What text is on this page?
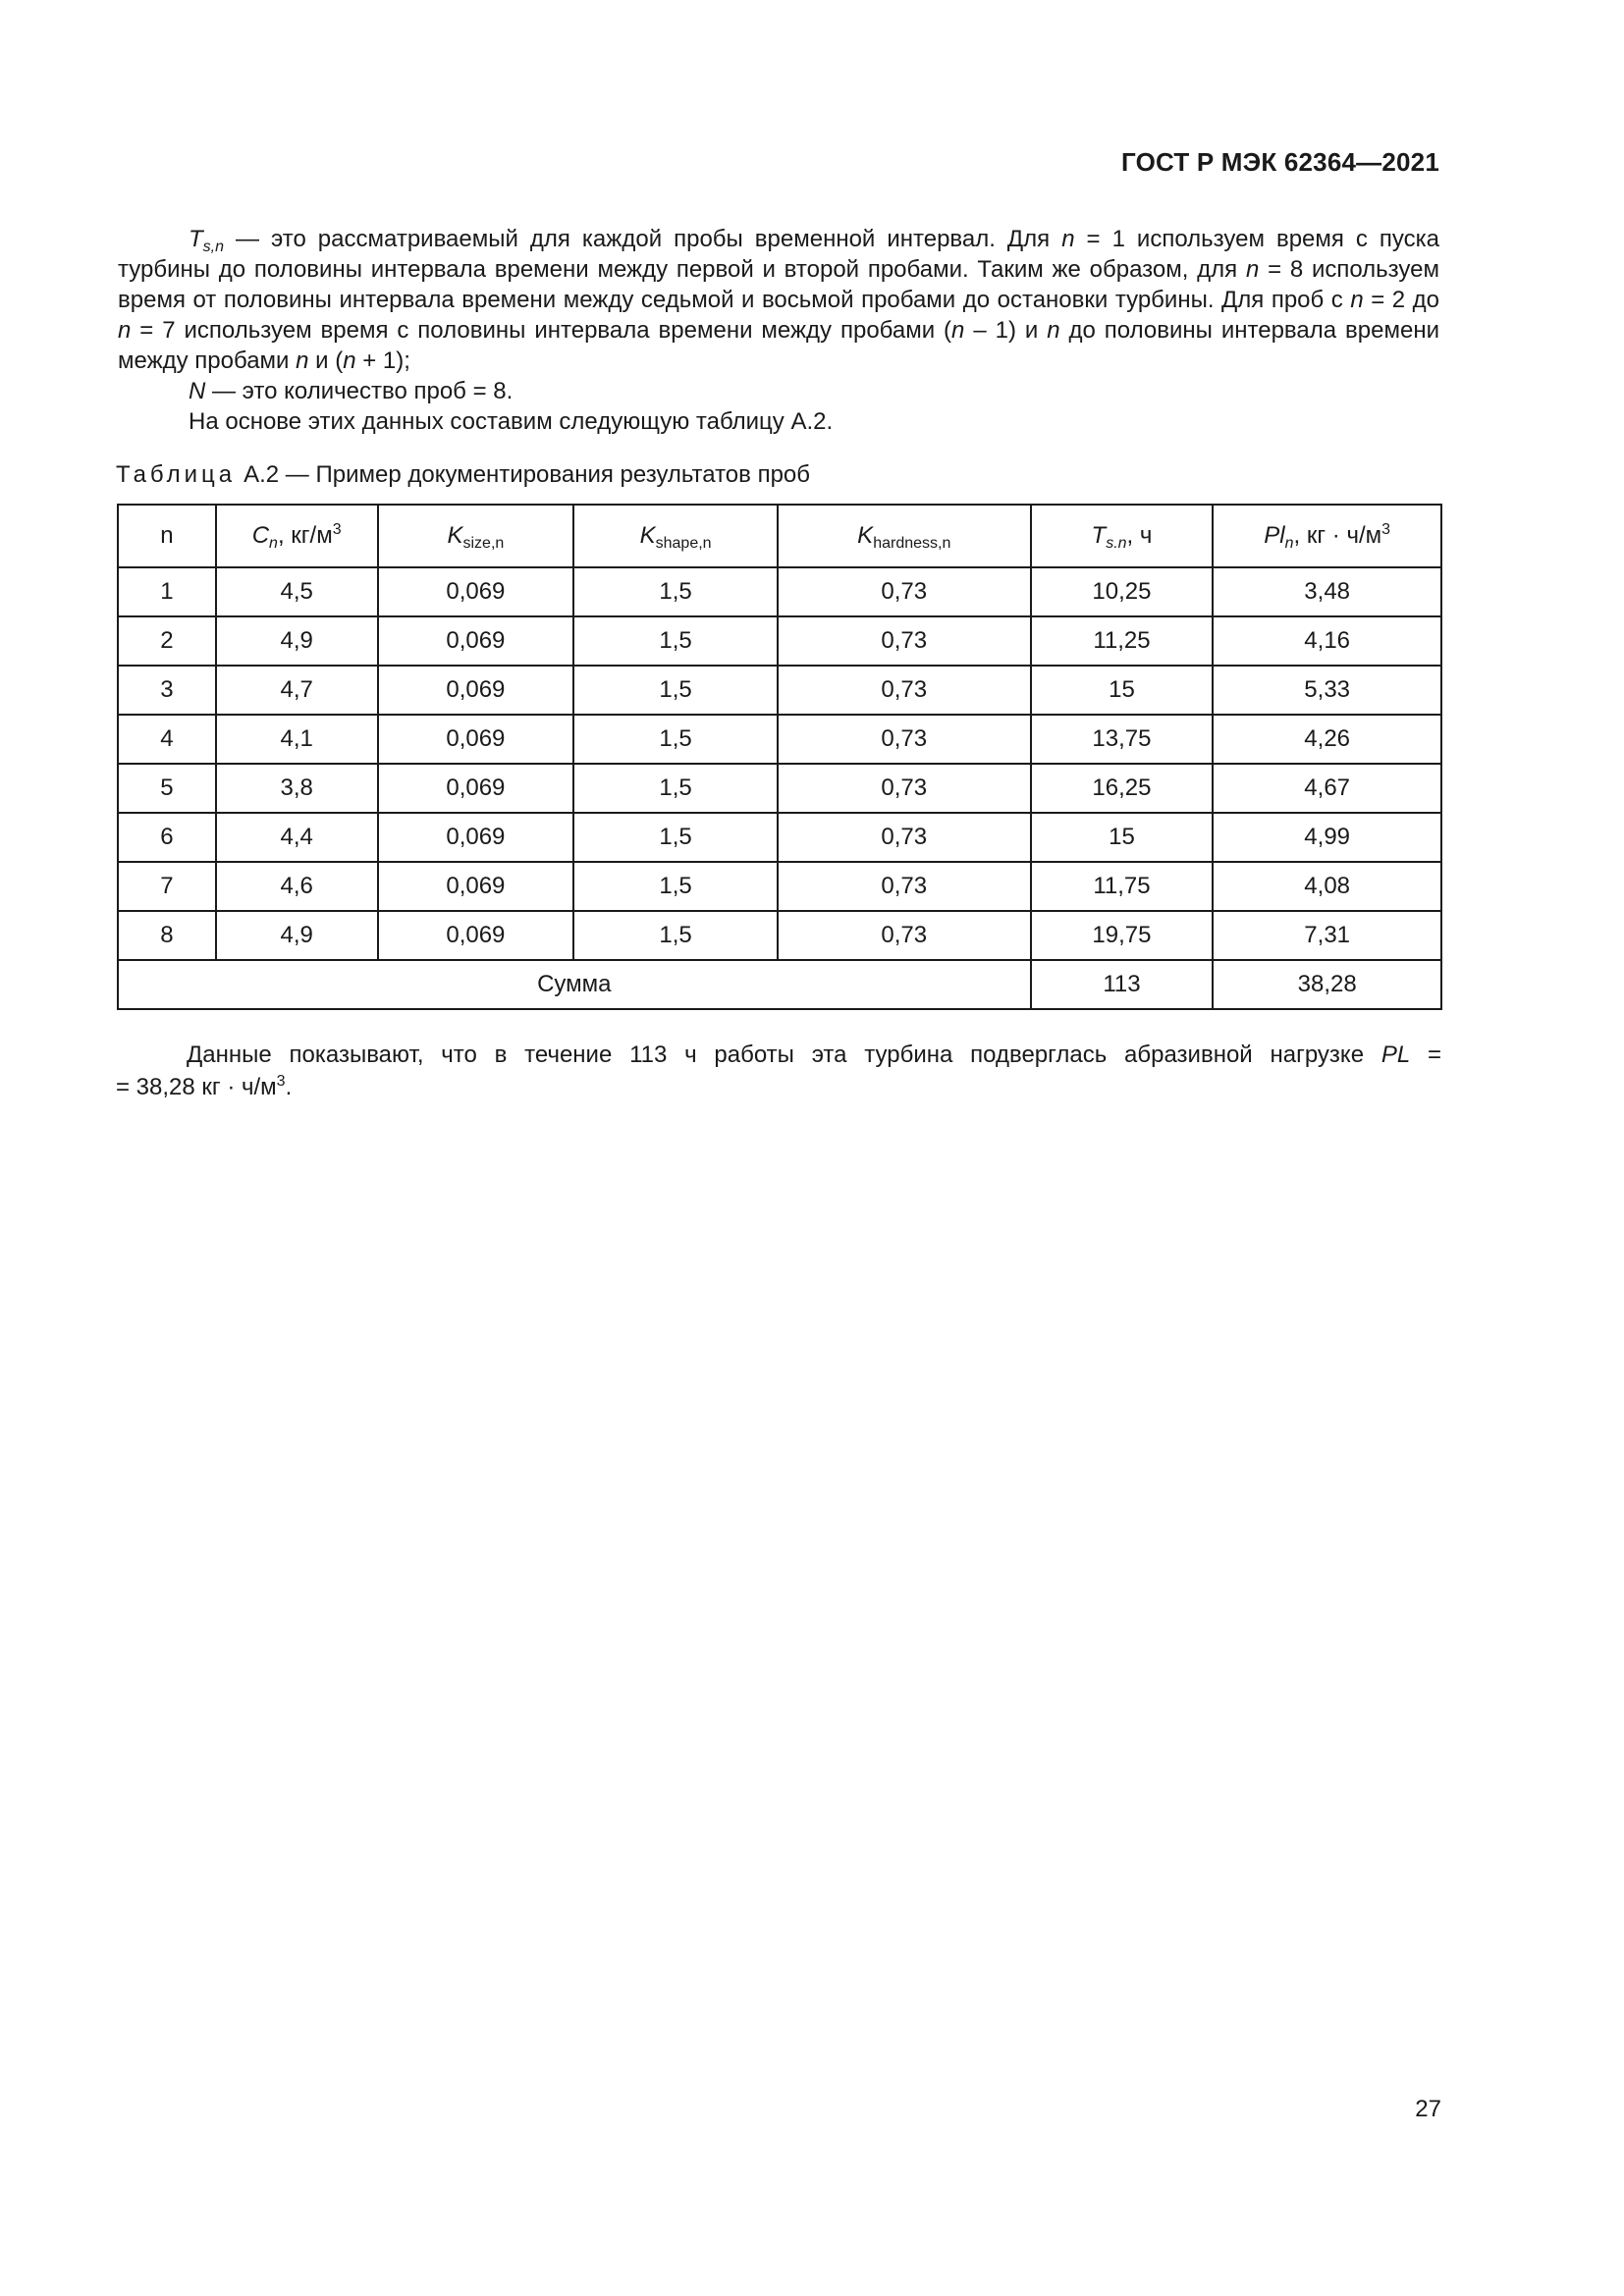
ГОСТ Р МЭК 62364—2021

$T_{s,n}$ — это рассматриваемый для каждой пробы временной интервал. Для n = 1 используем время с пуска турбины до половины интервала времени между первой и второй пробами. Таким же образом, для n = 8 используем время от половины интервала времени между седьмой и восьмой пробами до остановки турбины. Для проб с n = 2 до n = 7 используем время с половины интервала времени между пробами (n – 1) и n до половины интервала времени между пробами n и (n + 1);

N — это количество проб = 8.

На основе этих данных составим следующую таблицу А.2.

Таблица А.2 — Пример документирования результатов проб
n	$C_n$, $кг/м^3$	$K_{size,n}$	$K_{shape,n}$	$K_{hardness,n}$	$T_{s.n}$, ч	$Pl_n$, кг · $ч/м^3$
1	4,5	0,069	1,5	0,73	10,25	3,48
2	4,9	0,069	1,5	0,73	11,25	4,16
3	4,7	0,069	1,5	0,73	15	5,33
4	4,1	0,069	1,5	0,73	13,75	4,26
5	3,8	0,069	1,5	0,73	16,25	4,67
6	4,4	0,069	1,5	0,73	15	4,99
7	4,6	0,069	1,5	0,73	11,75	4,08
8	4,9	0,069	1,5	0,73	19,75	7,31
Сумма					113	38,28

Данные показывают, что в течение 113 ч работы эта турбина подверглась абразивной нагрузке PL =

= 38,28 кг · $ч/м^3$.

27
